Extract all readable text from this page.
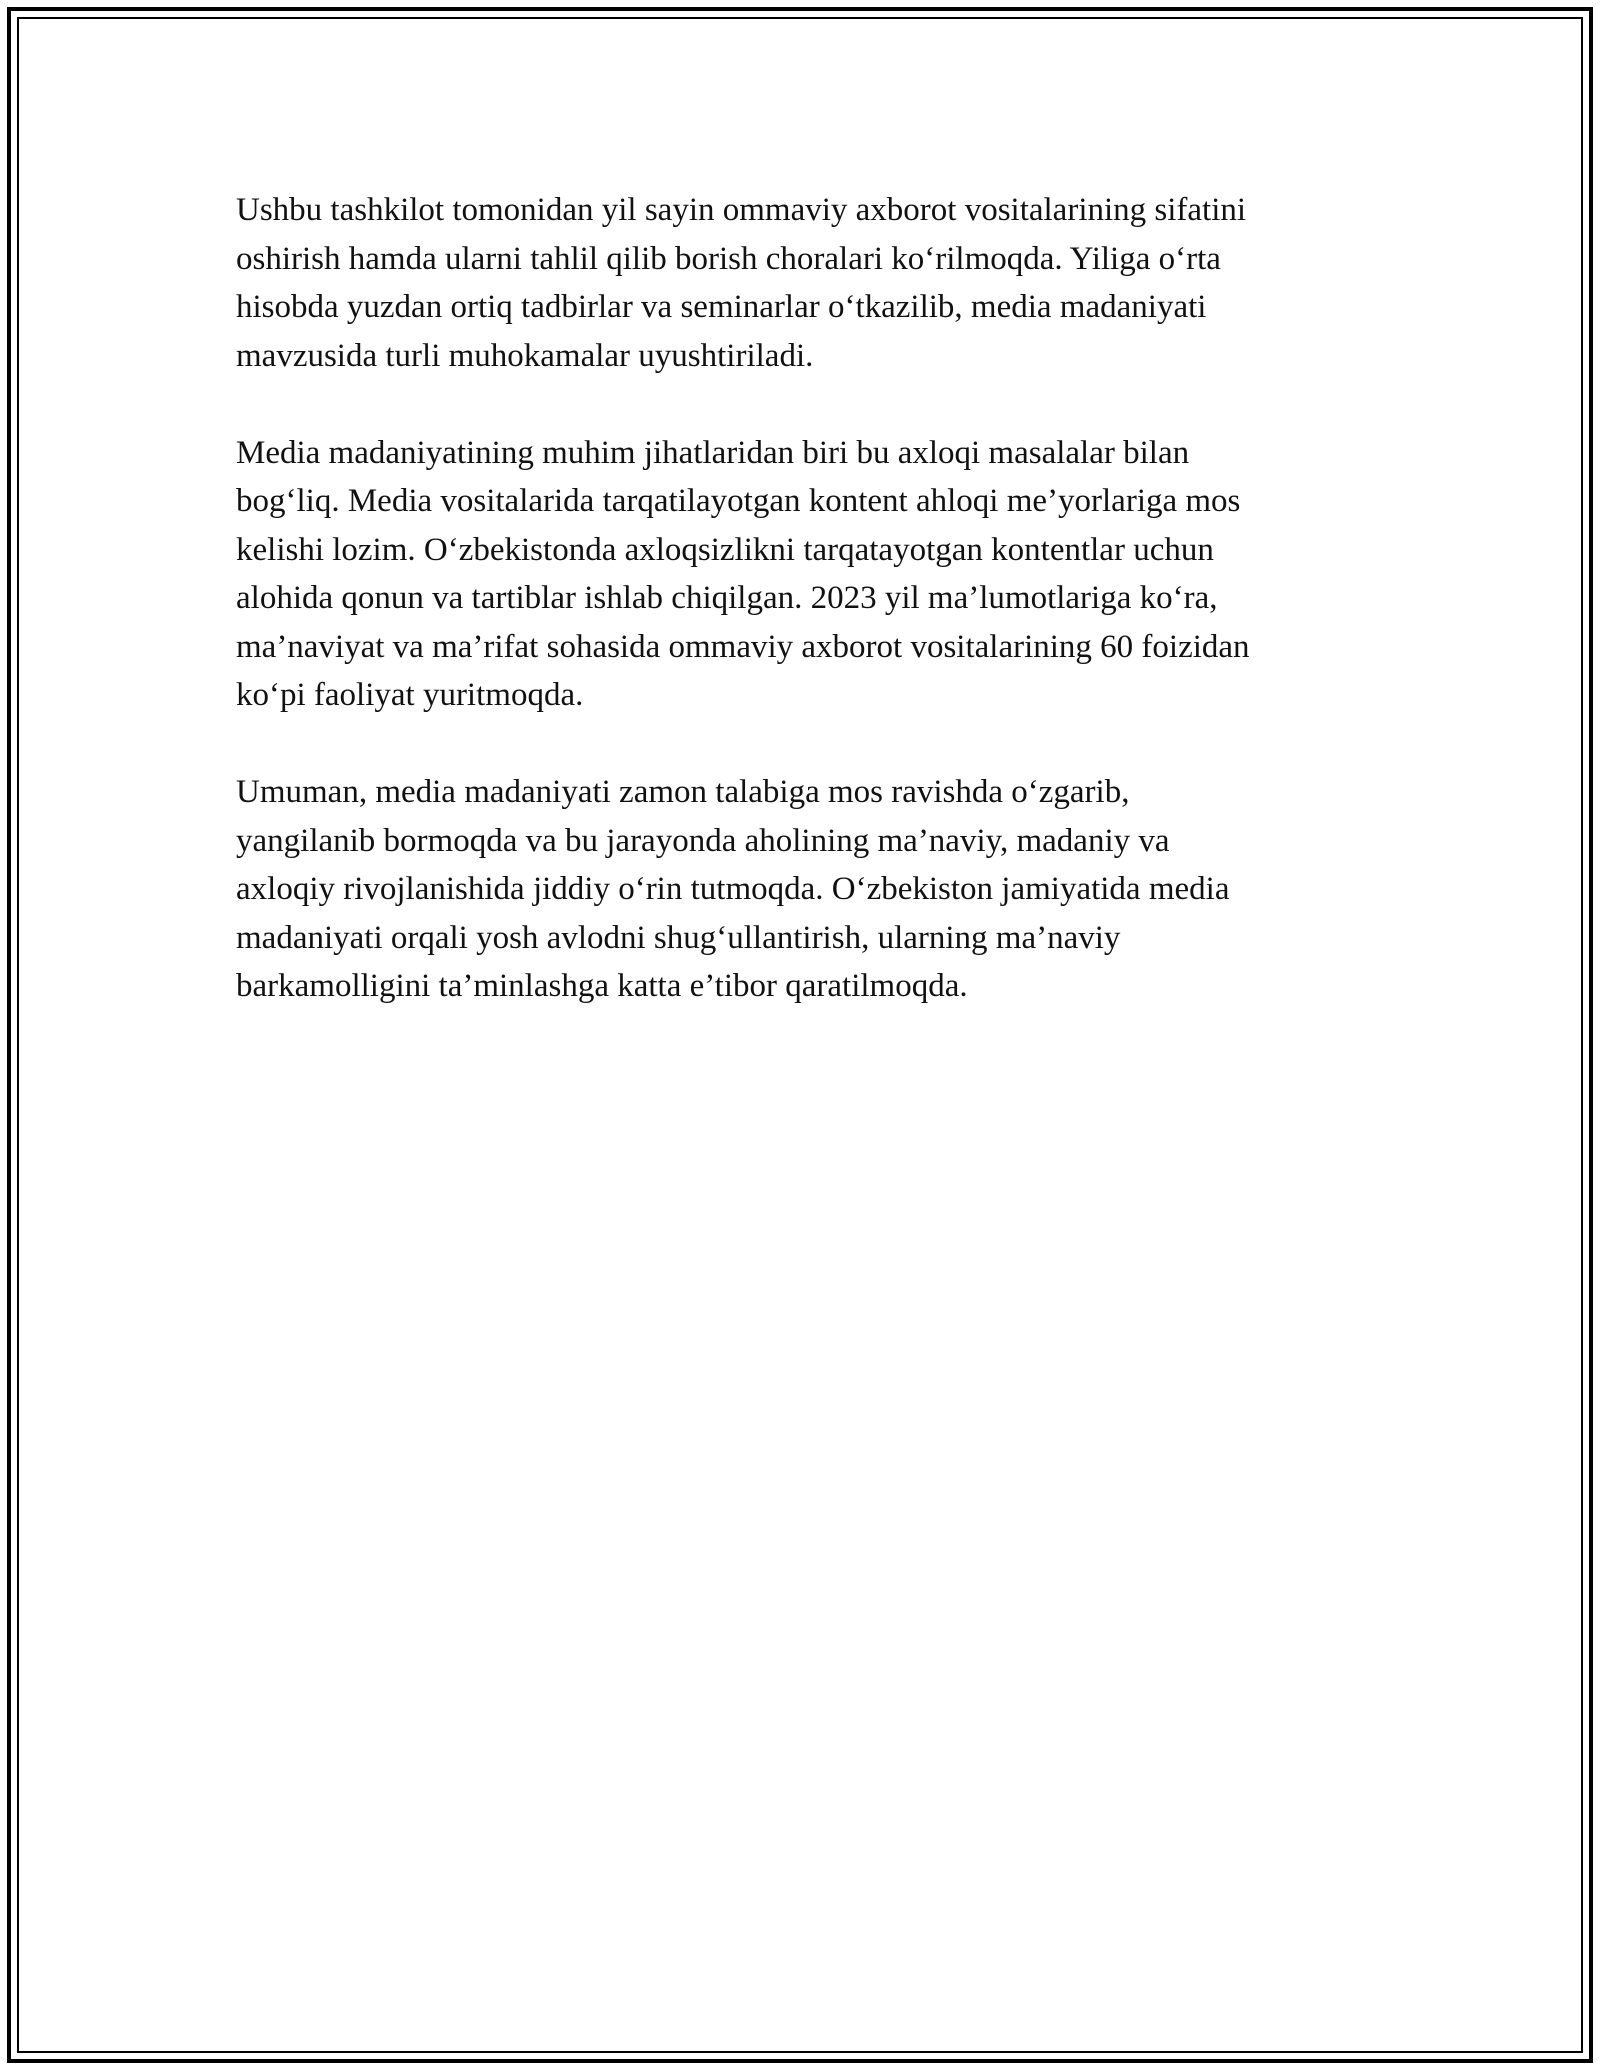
Ushbu tashkilot tomonidan yil sayin ommaviy axborot vositalarining sifatini
oshirish hamda ularni tahlil qilib borish choralari ko‘rilmoqda. Yiliga o‘rta
hisobda yuzdan ortiq tadbirlar va seminarlar o‘tkazilib, media madaniyati
mavzusida turli muhokamalar uyushtiriladi.

Media madaniyatining muhim jihatlaridan biri bu axloqi masalalar bilan
bog‘liq. Media vositalarida tarqatilayotgan kontent ahloqi me’yorlariga mos
kelishi lozim. O‘zbekistonda axloqsizlikni tarqatayotgan kontentlar uchun
alohida qonun va tartiblar ishlab chiqilgan. 2023 yil ma’lumotlariga ko‘ra,
ma’naviyat va ma’rifat sohasida ommaviy axborot vositalarining 60 foizidan
ko‘pi faoliyat yuritmoqda.

Umuman, media madaniyati zamon talabiga mos ravishda o‘zgarib,
yangilanib bormoqda va bu jarayonda aholining ma’naviy, madaniy va
axloqiy rivojlanishida jiddiy o‘rin tutmoqda. O‘zbekiston jamiyatida media
madaniyati orqali yosh avlodni shug‘ullantirish, ularning ma’naviy
barkamolligini ta’minlashga katta e’tibor qaratilmoqda.
